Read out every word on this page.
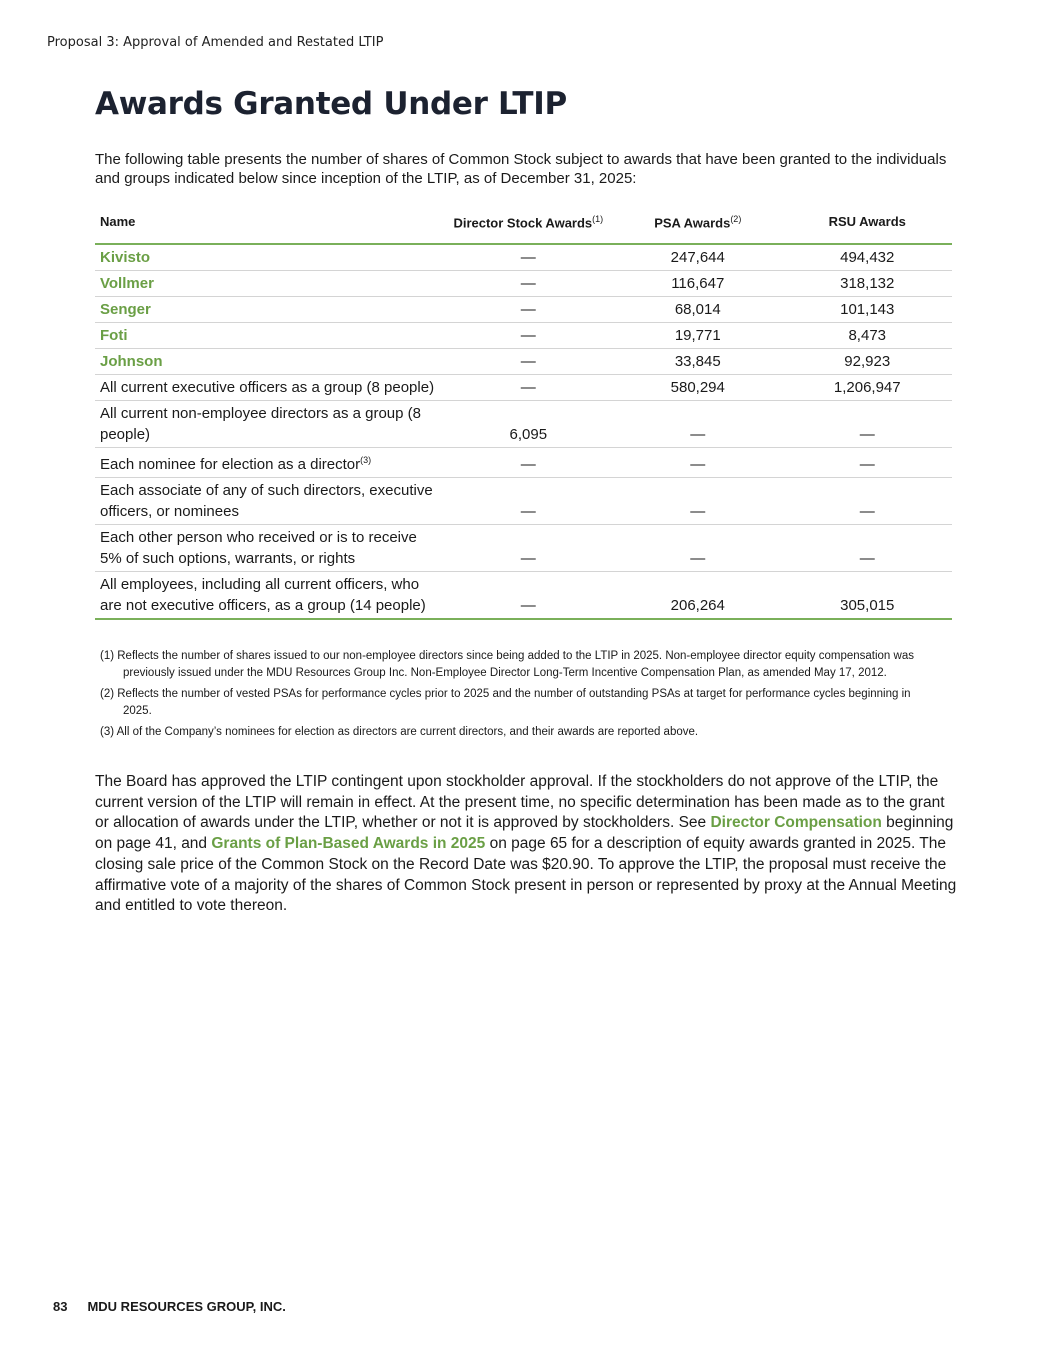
Proposal 3: Approval of Amended and Restated LTIP
Awards Granted Under LTIP
The following table presents the number of shares of Common Stock subject to awards that have been granted to the individuals and groups indicated below since inception of the LTIP, as of December 31, 2025:
Name	Director Stock Awards$^{(1)}$	PSA Awards$^{(2)}$	RSU Awards
Kivisto	—	247,644	494,432
Vollmer	—	116,647	318,132
Senger	—	68,014	101,143
Foti	—	19,771	8,473
Johnson	—	33,845	92,923
All current executive officers as a group (8 people)	—	580,294	1,206,947
All current non-employee directors as a group (8 people)	6,095	—	—
Each nominee for election as a director$^{(3)}$	—	—	—
Each associate of any of such directors, executive officers, or nominees	—	—	—
Each other person who received or is to receive 5% of such options, warrants, or rights	—	—	—
All employees, including all current officers, who are not executive officers, as a group (14 people)	—	206,264	305,015
(1) Reflects the number of shares issued to our non-employee directors since being added to the LTIP in 2025. Non-employee director equity compensation was previously issued under the MDU Resources Group Inc. Non-Employee Director Long-Term Incentive Compensation Plan, as amended May 17, 2012.
(2) Reflects the number of vested PSAs for performance cycles prior to 2025 and the number of outstanding PSAs at target for performance cycles beginning in 2025.
(3) All of the Company’s nominees for election as directors are current directors, and their awards are reported above.
The Board has approved the LTIP contingent upon stockholder approval. If the stockholders do not approve of the LTIP, the current version of the LTIP will remain in effect. At the present time, no specific determination has been made as to the grant or allocation of awards under the LTIP, whether or not it is approved by stockholders. See Director Compensation beginning on page 41, and Grants of Plan-Based Awards in 2025 on page 65 for a description of equity awards granted in 2025. The closing sale price of the Common Stock on the Record Date was $20.90. To approve the LTIP, the proposal must receive the affirmative vote of a majority of the shares of Common Stock present in person or represented by proxy at the Annual Meeting and entitled to vote thereon.
83 MDU RESOURCES GROUP, INC.
